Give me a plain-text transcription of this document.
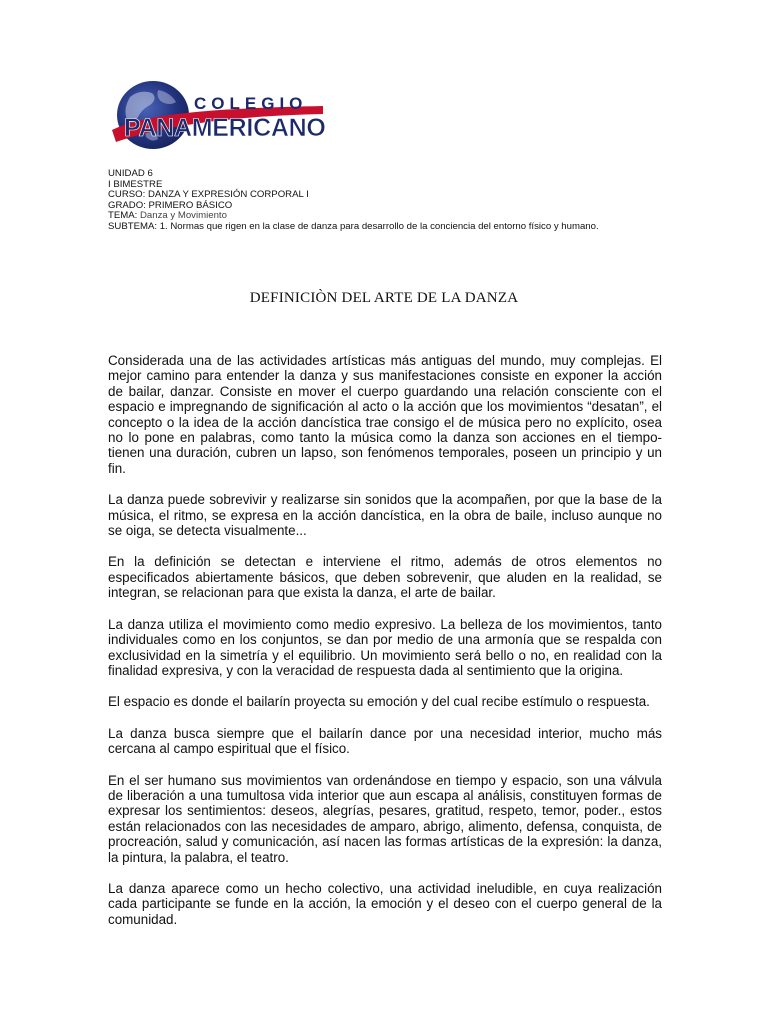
COLEGIO
PANAMERICANO

UNIDAD 6

I BIMESTRE

CURSO: DANZA Y EXPRESIÓN CORPORAL I

GRADO: PRIMERO BÁSICO

TEMA: Danza y Movimiento

SUBTEMA: 1. Normas que rigen en la clase de danza para desarrollo de la conciencia del entorno físico y humano.

DEFINICIÒN DEL ARTE DE LA DANZA

Considerada una de las actividades artísticas más antiguas del mundo, muy complejas. El mejor camino para entender la danza y sus manifestaciones consiste en exponer la acción de bailar, danzar. Consiste en mover el cuerpo guardando una relación consciente con el espacio e impregnando de significación al acto o la acción que los movimientos “desatan”, el concepto o la idea de la acción dancística trae consigo el de música pero no explícito, osea no lo pone en palabras, como tanto la música como la danza son acciones en el tiempo- tienen una duración, cubren un lapso, son fenómenos temporales, poseen un principio y un fin.

La danza puede sobrevivir y realizarse sin sonidos que la acompañen, por que la base de la música, el ritmo, se expresa en la acción dancística, en la obra de baile, incluso aunque no se oiga, se detecta visualmente...

En la definición se detectan e interviene el ritmo, además de otros elementos no especificados abiertamente básicos, que deben sobrevenir, que aluden en la realidad, se integran, se relacionan para que exista la danza, el arte de bailar.

La danza utiliza el movimiento como medio expresivo. La belleza de los movimientos, tanto individuales como en los conjuntos, se dan por medio de una armonía que se respalda con exclusividad en la simetría y el equilibrio. Un movimiento será bello o no, en realidad con la finalidad expresiva, y con la veracidad de respuesta dada al sentimiento que la origina.

El espacio es donde el bailarín proyecta su emoción y del cual recibe estímulo o respuesta.

La danza busca siempre que el bailarín dance por una necesidad interior, mucho más cercana al campo espiritual que el físico.

En el ser humano sus movimientos van ordenándose en tiempo y espacio, son una válvula de liberación a una tumultosa vida interior que aun escapa al análisis, constituyen formas de expresar los sentimientos: deseos, alegrías, pesares, gratitud, respeto, temor, poder., estos están relacionados con las necesidades de amparo, abrigo, alimento, defensa, conquista, de procreación, salud y comunicación, así nacen las formas artísticas de la expresión: la danza, la pintura, la palabra, el teatro.

La danza aparece como un hecho colectivo, una actividad ineludible, en cuya realización cada participante se funde en la acción, la emoción y el deseo con el cuerpo general de la comunidad.
